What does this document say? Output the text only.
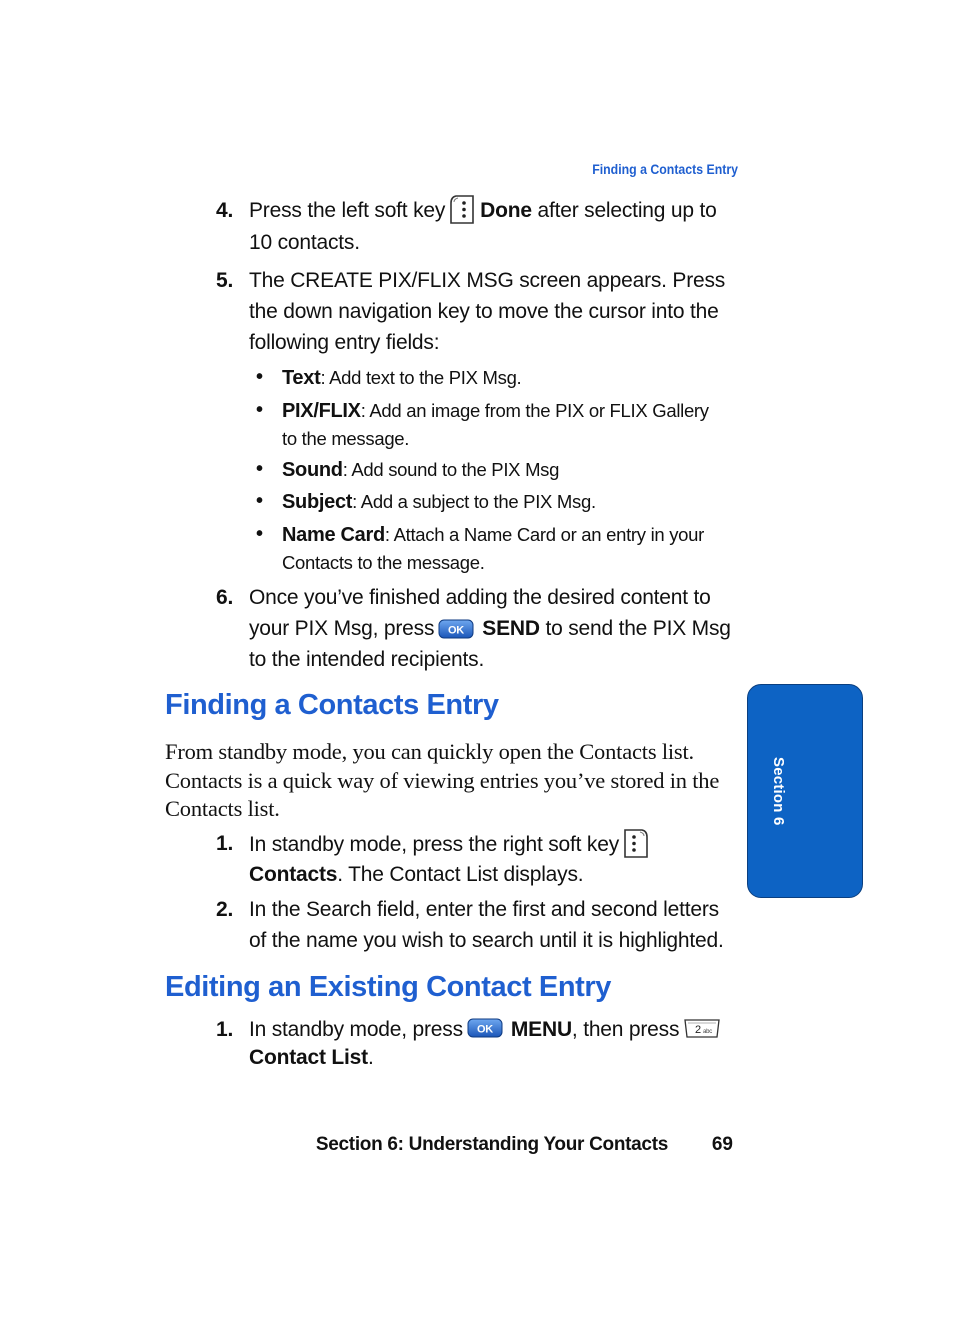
Finding a Contacts Entry
4. Press the left soft key Done after selecting up to 10 contacts.
5. The CREATE PIX/FLIX MSG screen appears. Press the down navigation key to move the cursor into the following entry fields:
• Text: Add text to the PIX Msg.
• PIX/FLIX: Add an image from the PIX or FLIX Gallery to the message.
• Sound: Add sound to the PIX Msg
• Subject: Add a subject to the PIX Msg.
• Name Card: Attach a Name Card or an entry in your Contacts to the message.
6. Once you’ve finished adding the desired content to your PIX Msg, press OK SEND to send the PIX Msg to the intended recipients.
Finding a Contacts Entry

From standby mode, you can quickly open the Contacts list. Contacts is a quick way of viewing entries you’ve stored in the Contacts list.

1. In standby mode, press the right soft keyContacts. The Contact List displays.
2. In the Search field, enter the first and second letters of the name you wish to search until it is highlighted.
Editing an Existing Contact Entry
1. In standby mode, press OK MENU, then press 2 abc

Contact List.
Section 6
Section 6: Understanding Your Contacts	69
